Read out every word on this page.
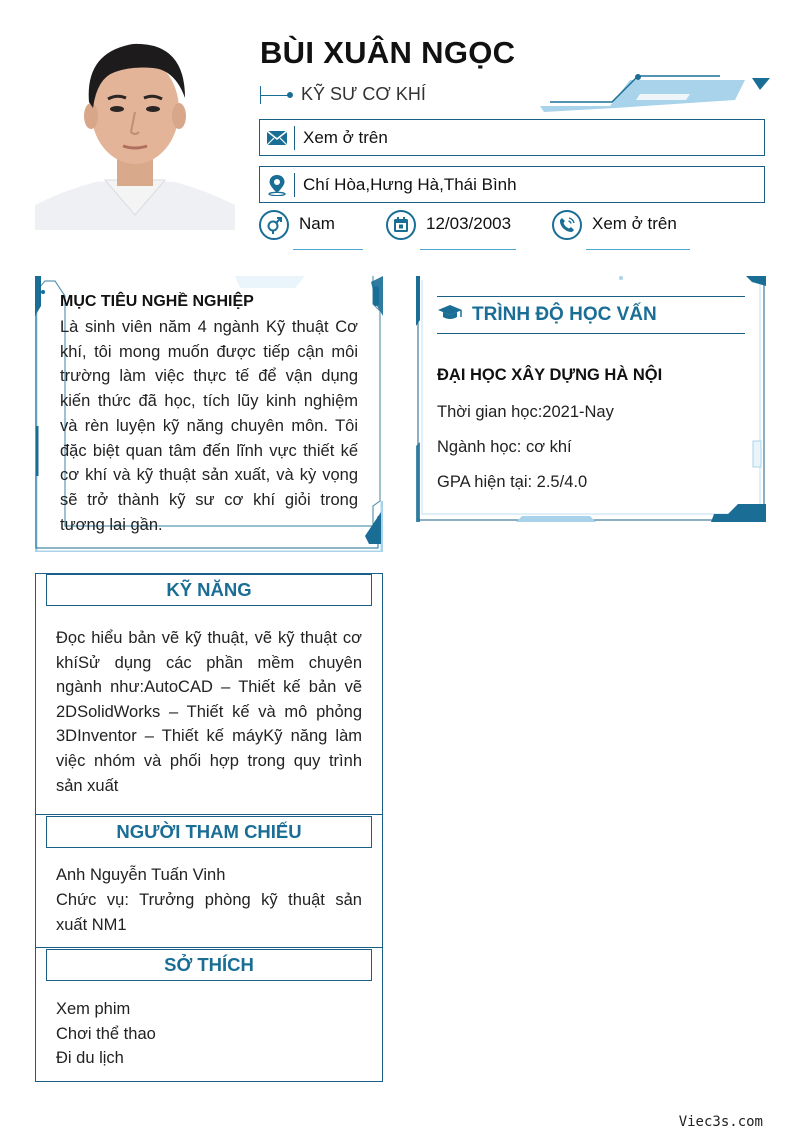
BÙI XUÂN NGỌC
KỸ SƯ CƠ KHÍ
Xem ở trên
Chí Hòa,Hưng Hà,Thái Bình
Nam	12/03/2003	Xem ở trên
MỤC TIÊU NGHỀ NGHIỆP
Là sinh viên năm 4 ngành Kỹ thuật Cơ khí, tôi mong muốn được tiếp cận môi trường làm việc thực tế để vận dụng kiến thức đã học, tích lũy kinh nghiệm và rèn luyện kỹ năng chuyên môn. Tôi đặc biệt quan tâm đến lĩnh vực thiết kế cơ khí và kỹ thuật sản xuất, và kỳ vọng sẽ trở thành kỹ sư cơ khí giỏi trong tương lai gần.
TRÌNH ĐỘ HỌC VẤN
ĐẠI HỌC XÂY DỰNG HÀ NỘI
Thời gian học:2021-Nay
Ngành học: cơ khí
GPA hiện tại: 2.5/4.0
KỸ NĂNG
Đọc hiểu bản vẽ kỹ thuật, vẽ kỹ thuật cơ khíSử dụng các phần mềm chuyên ngành như:AutoCAD – Thiết kế bản vẽ 2DSolidWorks – Thiết kế và mô phỏng 3DInventor – Thiết kế máyKỹ năng làm việc nhóm và phối hợp trong quy trình sản xuất
NGƯỜI THAM CHIẾU
Anh Nguyễn Tuấn Vinh
Chức vụ: Trưởng phòng kỹ thuật sản xuất NM1
SỞ THÍCH
Xem phim
Chơi thể thao
Đi du lịch
Viec3s.com
